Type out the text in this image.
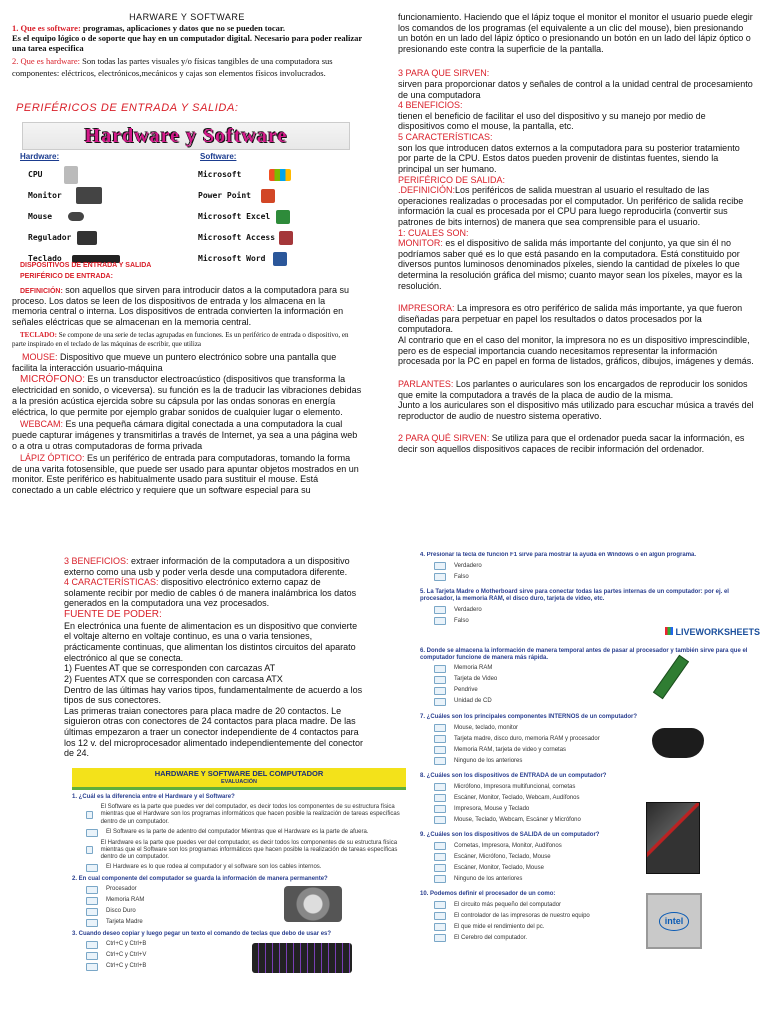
HARWARE Y SOFTWARE

1. Que es software: programas, aplicaciones y datos que no se pueden tocar.

Es el equipo lógico o de soporte que hay en un computador digital. Necesario para poder realizar una tarea especifica

2. Que es hardware: Son todas las partes visuales y/o físicas tangibles de una computadora sus componentes: eléctricos, electrónicos,mecánicos y cajas son elementos físicos involucrados.

PERIFÉRICOS DE ENTRADA Y SALIDA:
Hardware y Software
Hardware:	Software:
CPU
Monitor
Mouse
Regulador
Teclado
Microsoft
Power Point
Microsoft Excel
Microsoft Access
Microsoft Word

DISPOSITIVOS DE ENTRADA Y SALIDA

PERIFÉRICO DE ENTRADA:

DEFINICIÓN: son aquellos que sirven para introducir datos a la computadora para su proceso. Los datos se leen de los dispositivos de entrada y los almacena en la memoria central o interna. Los dispositivos de entrada convierten la información en señales eléctricas que se almacenan en la memoria central.

TECLADO: Se compone de una serie de teclas agrupadas en funciones. Es un periférico de entrada o dispositivo, en parte inspirado en el teclado de las máquinas de escribir, que utiliza

MOUSE: Dispositivo que mueve un puntero electrónico sobre una pantalla que facilita la interacción usuario-máquina

MICRÓFONO: Es un transductor electroacústico (dispositivos que transforma la electricidad en sonido, o viceversa). su función es la de traducir las vibraciones debidas a la presión acústica ejercida sobre su cápsula por las ondas sonoras en energía eléctrica, lo que permite por ejemplo grabar sonidos de cualquier lugar o elemento.

WEBCAM: Es una pequeña cámara digital conectada a una computadora la cual puede capturar imágenes y transmitirlas a través de Internet, ya sea a una página web o a otra u otras computadoras de forma privada

LÁPIZ ÓPTICO: Es un periférico de entrada para computadoras, tomando la forma de una varita fotosensible, que puede ser usado para apuntar objetos mostrados en un monitor. Este periférico es habitualmente usado para sustituir el mouse. Está conectado a un cable eléctrico y requiere que un software especial para su

funcionamiento. Haciendo que el lápiz toque el monitor el monitor el usuario puede elegir los comandos de los programas (el equivalente a un clic del mouse), bien presionando un botón en un lado del lápiz óptico o presionando un botón en un lado del lápiz óptico o presionando este contra la superficie de la pantalla.

3 PARA QUE SIRVEN:

sirven para proporcionar datos y señales de control a la unidad central de procesamiento de una computadora

4 BENEFICIOS:

tienen el beneficio de facilitar el uso del dispositivo y su manejo por medio de dispositivos como el mouse, la pantalla, etc.

5 CARACTERÍSTICAS:

son los que introducen datos externos a la computadora para su posterior tratamiento por parte de la CPU. Estos datos pueden provenir de distintas fuentes, siendo la principal un ser humano.

PERIFÉRICO DE SALIDA:

.DEFINICIÓN:Los periféricos de salida muestran al usuario el resultado de las operaciones realizadas o procesadas por el computador. Un periférico de salida recibe información la cual es procesada por el CPU para luego reproducirla (convertir sus patrones de bits internos) de manera que sea comprensible para el usuario.

1: CUALES SON:

MONITOR: es el dispositivo de salida más importante del conjunto, ya que sin él no podríamos saber qué es lo que está pasando en la computadora. Está constituido por diversos puntos luminosos denominados píxeles, siendo la cantidad de píxeles lo que determina la resolución gráfica del mismo; cuanto mayor sean los píxeles, mayor es la resolución.

IMPRESORA: La impresora es otro periférico de salida más importante, ya que fueron diseñadas para perpetuar en papel los resultados o datos procesados por la computadora.

Al contrario que en el caso del monitor, la impresora no es un dispositivo imprescindible, pero es de especial importancia cuando necesitamos representar la información procesada por la PC en papel en forma de listados, gráficos, dibujos, imágenes y demás.

PARLANTES: Los parlantes o auriculares son los encargados de reproducir los sonidos que emite la computadora a través de la placa de audio de la misma.

Junto a los auriculares son el dispositivo más utilizado para escuchar música a través del reproductor de audio de nuestro sistema operativo.

2 PARA QUÉ SIRVEN: Se utiliza para que el ordenador pueda sacar la información, es decir son aquellos dispositivos capaces de recibir información del ordenador.

3 BENEFICIOS: extraer información de la computadora a un dispositivo externo como una usb y poder verla desde una computadora diferente.

4 CARACTERÍSTICAS: dispositivo electrónico externo capaz de solamente recibir por medio de cables ó de manera inalámbrica los datos generados en la computadora una vez procesados.

FUENTE DE PODER:

En electrónica una fuente de alimentacion es un dispositivo que convierte el voltaje alterno en voltaje continuo, es una o varia tensiones, prácticamente continuas, que alimentan los distintos circuitos del aparato electrónico al que se conecta.

1) Fuentes AT que se corresponden con carcazas AT

2) Fuentes ATX que se corresponden con carcasa ATX

Dentro de las últimas hay varios tipos, fundamentalmente de acuerdo a los tipos de sus conectores.

Las primeras traian conectores para placa madre de 20 contactos. Le siguieron otras con conectores de 24 contactos para placa madre. De las últimas empezaron a traer un conector independiente de 4 contactos para los 12 v. del microprocesador alimentado independientemente del conector de 24.

HARDWARE Y SOFTWARE DEL COMPUTADOR
EVALUACIÓN

1. ¿Cuál es la diferencia entre el Hardware y el Software?

El Software es la parte que puedes ver del computador, es decir todos los componentes de su estructura física mientras que el Hardware son los programas informáticos que hacen posible la realización de tareas específicas dentro de un computador.
El Software es la parte de adentro del computador Mientras que el Hardware es la parte de afuera.
El Hardware es la parte que puedes ver del computador, es decir todos los componentes de su estructura física mientras que el Software son los programas informáticos que hacen posible la realización de tareas específicas dentro de un computador.
El Hardware es lo que rodea al computador y el software son los cables internos.

2. En cual componente del computador se guarda la información de manera permanente?

Procesador
Memoria RAM
Disco Duro
Tarjeta Madre

3. Cuando deseo copiar y luego pegar un texto el comando de teclas que debo de usar es?

Ctrl+C y Ctrl+B
Ctrl+C y Ctrl+V
Ctrl+C y Ctrl+B

4. Presionar la tecla de función F1 sirve para mostrar la ayuda en Windows o en algún programa.

Verdadero
Falso

5. La Tarjeta Madre o Motherboard sirve para conectar todas las partes internas de un computador: por ej. el procesador, la memoria RAM, el disco duro, tarjeta de video, etc.

Verdadero
Falso
LIVEWORKSHEETS

6. Donde se almacena la información de manera temporal antes de pasar al procesador y también sirve para que el computador funcione de manera más rápida.

Memoria RAM
Tarjeta de Video
Pendrive
Unidad de CD

7. ¿Cuáles son los principales componentes INTERNOS de un computador?

Mouse, teclado, monitor
Tarjeta madre, disco duro, memoria RAM y procesador
Memoria RAM, tarjeta de video y cornetas
Ninguno de los anteriores

8. ¿Cuáles son los dispositivos de ENTRADA de un computador?

Micrófono, Impresora multifuncional, cornetas
Escáner, Monitor, Teclado, Webcam, Audífonos
Impresora, Mouse y Teclado
Mouse, Teclado, Webcam, Escáner y Micrófono

9. ¿Cuáles son los dispositivos de SALIDA de un computador?

Cornetas, Impresora, Monitor, Audífonos
Escáner, Micrófono, Teclado, Mouse
Escáner, Monitor, Teclado, Mouse
Ninguno de los anteriores

10. Podemos definir el procesador de un como:

El circuito más pequeño del computador
El controlador de las impresoras de nuestro equipo
El que mide el rendimiento del pc.
El Cerebro del computador.
intel
